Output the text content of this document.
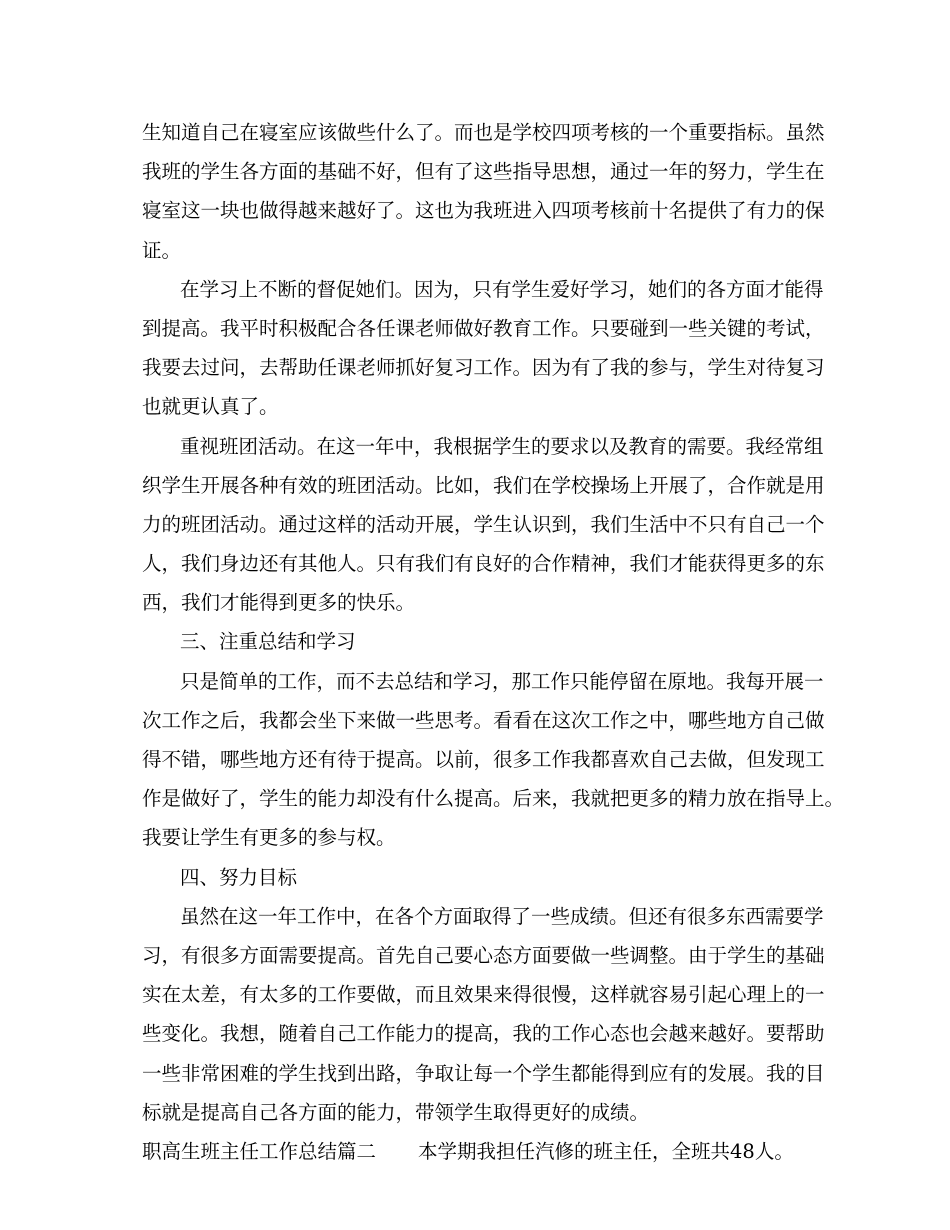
生知道自己在寝室应该做些什么了。而也是学校四项考核的一个重要指标。虽然
我班的学生各方面的基础不好，但有了这些指导思想，通过一年的努力，学生在
寝室这一块也做得越来越好了。这也为我班进入四项考核前十名提供了有力的保
证。
在学习上不断的督促她们。因为，只有学生爱好学习，她们的各方面才能得
到提高。我平时积极配合各任课老师做好教育工作。只要碰到一些关键的考试，
我要去过问，去帮助任课老师抓好复习工作。因为有了我的参与，学生对待复习
也就更认真了。
重视班团活动。在这一年中，我根据学生的要求以及教育的需要。我经常组
织学生开展各种有效的班团活动。比如，我们在学校操场上开展了，合作就是用
力的班团活动。通过这样的活动开展，学生认识到，我们生活中不只有自己一个
人，我们身边还有其他人。只有我们有良好的合作精神，我们才能获得更多的东
西，我们才能得到更多的快乐。
三、注重总结和学习
只是简单的工作，而不去总结和学习，那工作只能停留在原地。我每开展一
次工作之后，我都会坐下来做一些思考。看看在这次工作之中，哪些地方自己做
得不错，哪些地方还有待于提高。以前，很多工作我都喜欢自己去做，但发现工
作是做好了，学生的能力却没有什么提高。后来，我就把更多的精力放在指导上。
我要让学生有更多的参与权。
四、努力目标
虽然在这一年工作中，在各个方面取得了一些成绩。但还有很多东西需要学
习，有很多方面需要提高。首先自己要心态方面要做一些调整。由于学生的基础
实在太差，有太多的工作要做，而且效果来得很慢，这样就容易引起心理上的一
些变化。我想，随着自己工作能力的提高，我的工作心态也会越来越好。要帮助
一些非常困难的学生找到出路，争取让每一个学生都能得到应有的发展。我的目
标就是提高自己各方面的能力，带领学生取得更好的成绩。
职高生班主任工作总结篇二 本学期我担任汽修的班主任，全班共48人。
